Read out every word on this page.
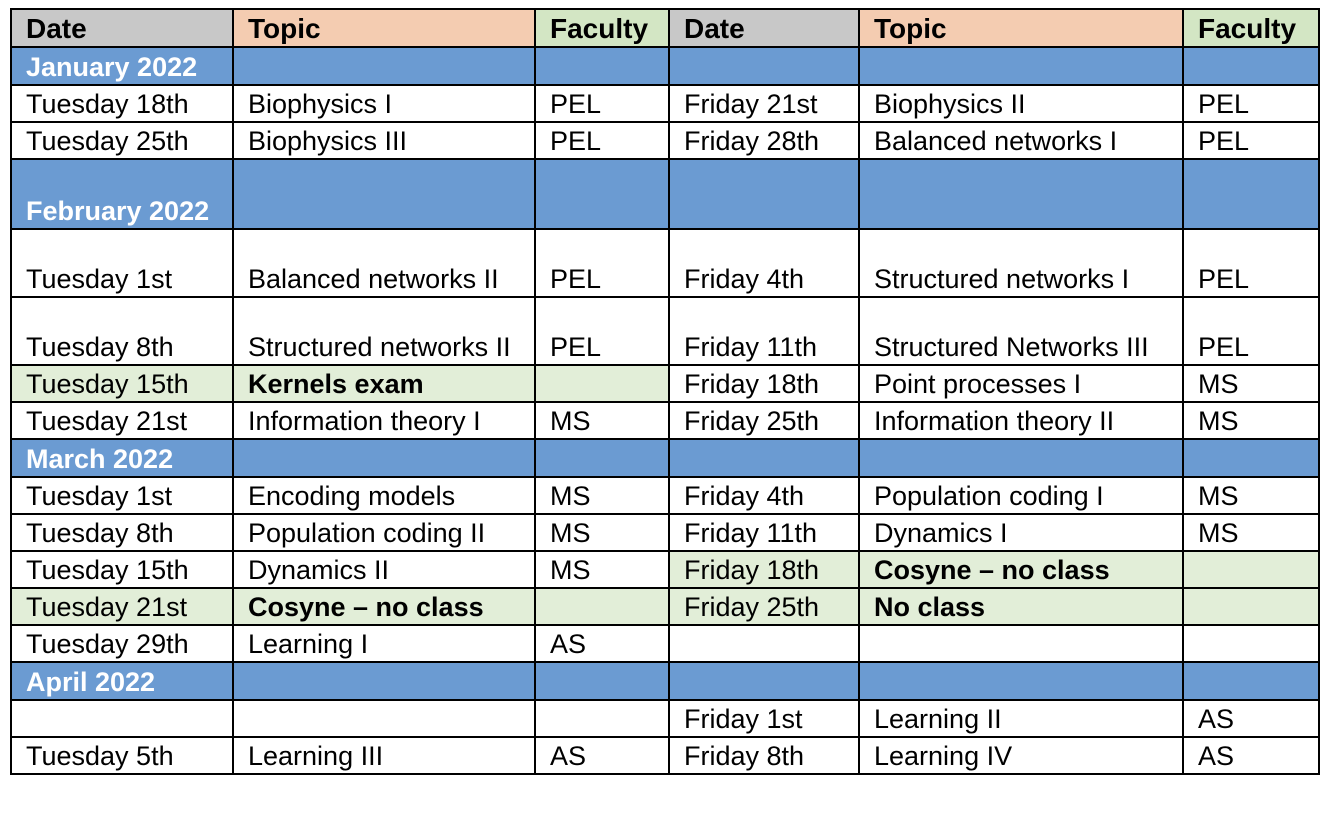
Date	Topic	Faculty	Date	Topic	Faculty
January 2022					
Tuesday 18th	Biophysics I	PEL	Friday 21st	Biophysics II	PEL
Tuesday 25th	Biophysics III	PEL	Friday 28th	Balanced networks I	PEL
February 2022					
Tuesday 1st	Balanced networks II	PEL	Friday 4th	Structured networks I	PEL
Tuesday 8th	Structured networks II	PEL	Friday 11th	Structured Networks III	PEL
Tuesday 15th	Kernels exam		Friday 18th	Point processes I	MS
Tuesday 21st	Information theory I	MS	Friday 25th	Information theory II	MS
March 2022					
Tuesday 1st	Encoding models	MS	Friday 4th	Population coding I	MS
Tuesday 8th	Population coding II	MS	Friday 11th	Dynamics I	MS
Tuesday 15th	Dynamics II	MS	Friday 18th	Cosyne – no class	
Tuesday 21st	Cosyne – no class		Friday 25th	No class	
Tuesday 29th	Learning I	AS			
April 2022					
			Friday 1st	Learning II	AS
Tuesday 5th	Learning III	AS	Friday 8th	Learning IV	AS
